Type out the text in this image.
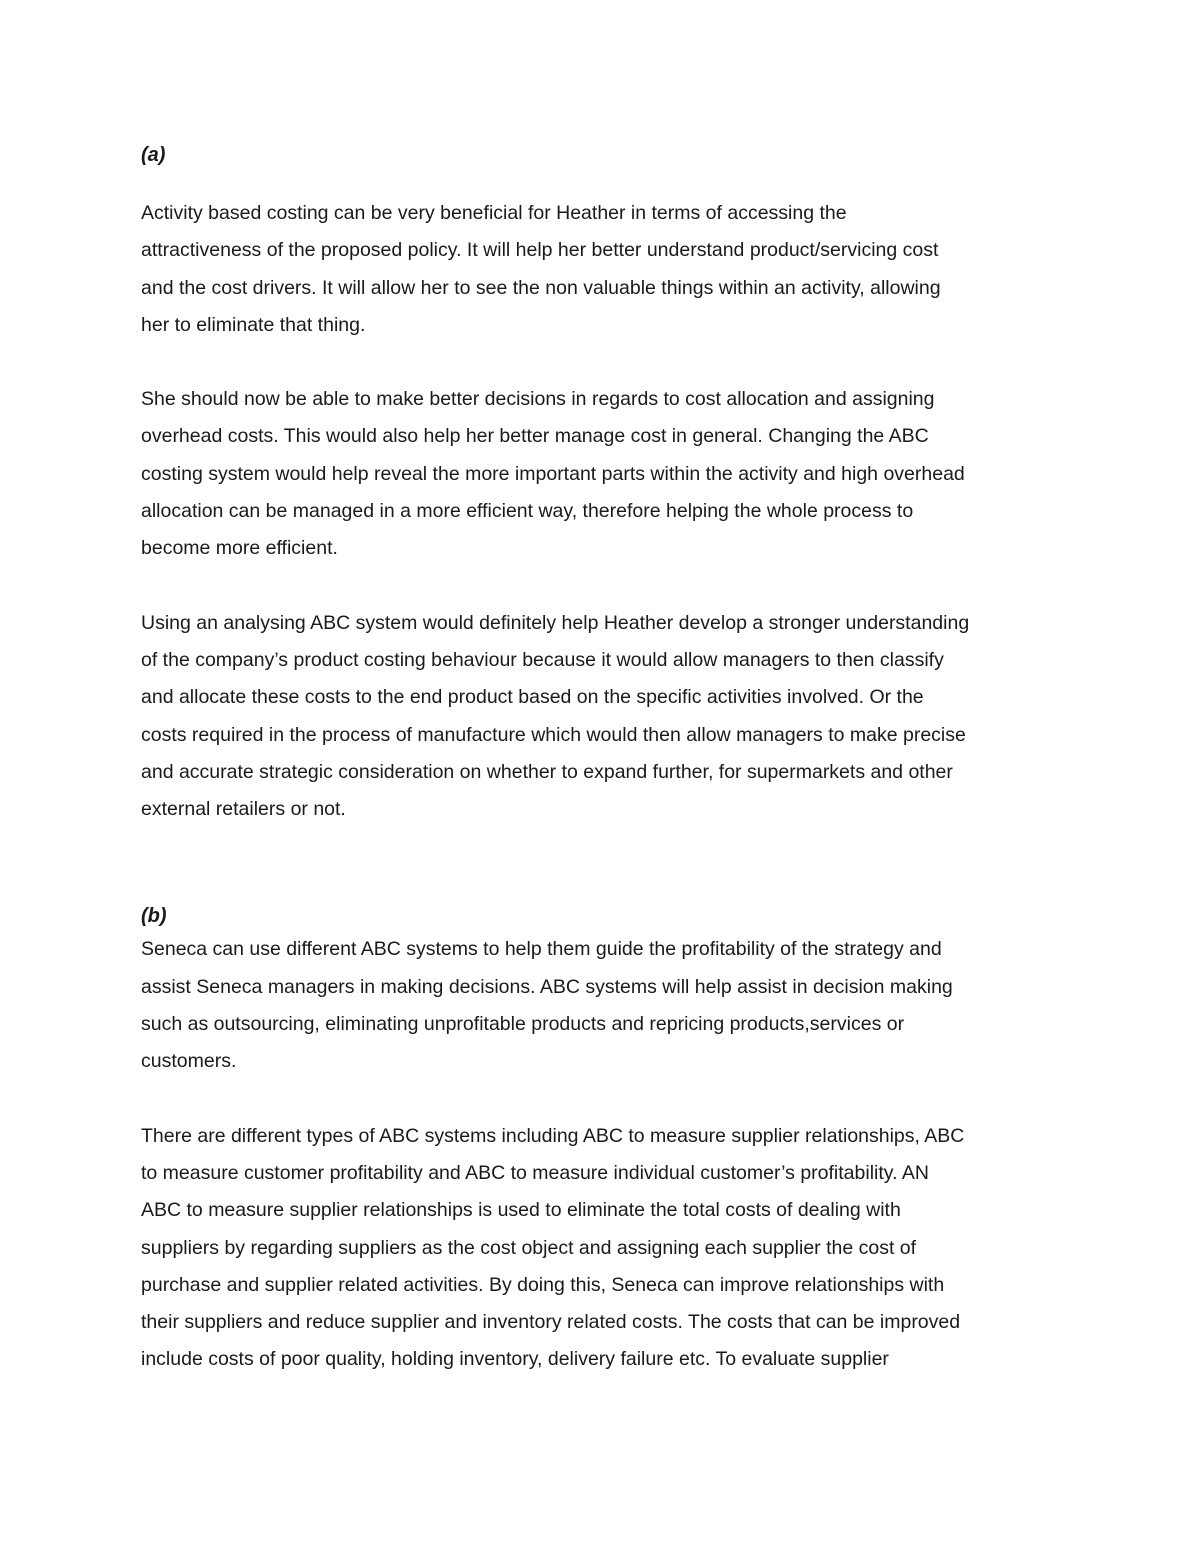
(a)

Activity based costing can be very beneficial for Heather in terms of accessing the
attractiveness of the proposed policy. It will help her better understand product/servicing cost
and the cost drivers. It will allow her to see the non valuable things within an activity, allowing
her to eliminate that thing.

She should now be able to make better decisions in regards to cost allocation and assigning
overhead costs. This would also help her better manage cost in general. Changing the ABC
costing system would help reveal the more important parts within the activity and high overhead
allocation can be managed in a more efficient way, therefore helping the whole process to
become more efficient.

Using an analysing ABC system would definitely help Heather develop a stronger understanding
of the company’s product costing behaviour because it would allow managers to then classify
and allocate these costs to the end product based on the specific activities involved. Or the
costs required in the process of manufacture which would then allow managers to make precise
and accurate strategic consideration on whether to expand further, for supermarkets and other
external retailers or not.

(b)

Seneca can use different ABC systems to help them guide the profitability of the strategy and
assist Seneca managers in making decisions. ABC systems will help assist in decision making
such as outsourcing, eliminating unprofitable products and repricing products,services or
customers.

There are different types of ABC systems including ABC to measure supplier relationships, ABC
to measure customer profitability and ABC to measure individual customer’s profitability. AN
ABC to measure supplier relationships is used to eliminate the total costs of dealing with
suppliers by regarding suppliers as the cost object and assigning each supplier the cost of
purchase and supplier related activities. By doing this, Seneca can improve relationships with
their suppliers and reduce supplier and inventory related costs. The costs that can be improved
include costs of poor quality, holding inventory, delivery failure etc. To evaluate supplier
